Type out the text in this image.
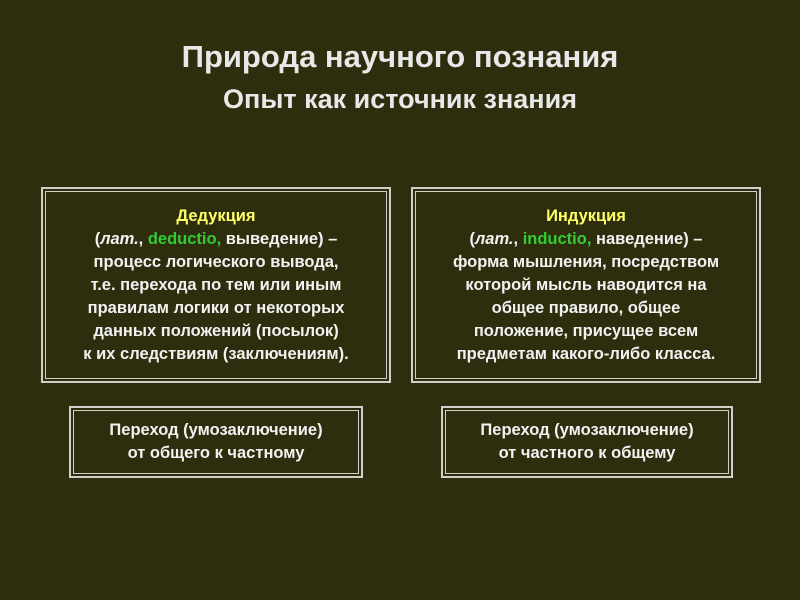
Природа научного познания
Опыт как источник знания
Дедукция
(лат., deductio, выведение) –
процесс логического вывода,
т.е. перехода по тем или иным
правилам логики от некоторых
данных положений (посылок)
к их следствиям (заключениям).
Индукция
(лат., inductio, наведение) –
форма мышления, посредством
которой мысль наводится на
общее правило, общее
положение, присущее всем
предметам какого-либо класса.
Переход (умозаключение)
от общего к частному
Переход (умозаключение)
от частного к общему
